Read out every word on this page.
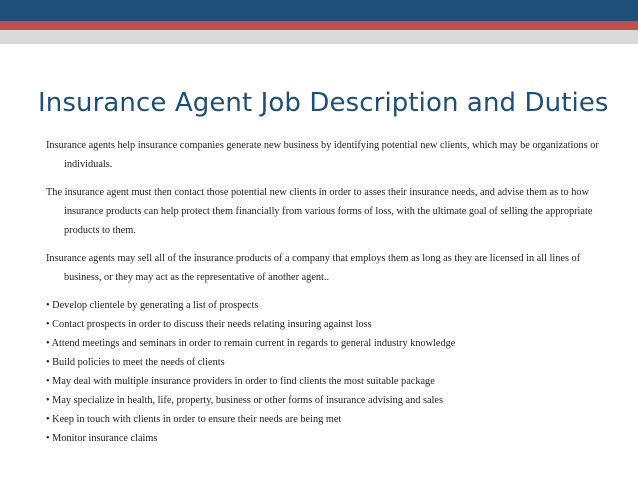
Insurance Agent Job Description and Duties

Insurance agents help insurance companies generate new business by identifying potential new clients, which may be organizations or individuals.

The insurance agent must then contact those potential new clients in order to asses their insurance needs, and advise them as to how insurance products can help protect them financially from various forms of loss, with the ultimate goal of selling the appropriate products to them.

Insurance agents may sell all of the insurance products of a company that employs them as long as they are licensed in all lines of business, or they may act as the representative of another agent..

• Develop clientele by generating a list of prospects
• Contact prospects in order to discuss their needs relating insuring against loss
• Attend meetings and seminars in order to remain current in regards to general industry knowledge
• Build policies to meet the needs of clients
• May deal with multiple insurance providers in order to find clients the most suitable package
• May specialize in health, life, property, business or other forms of insurance advising and sales
• Keep in touch with clients in order to ensure their needs are being met
• Monitor insurance claims
